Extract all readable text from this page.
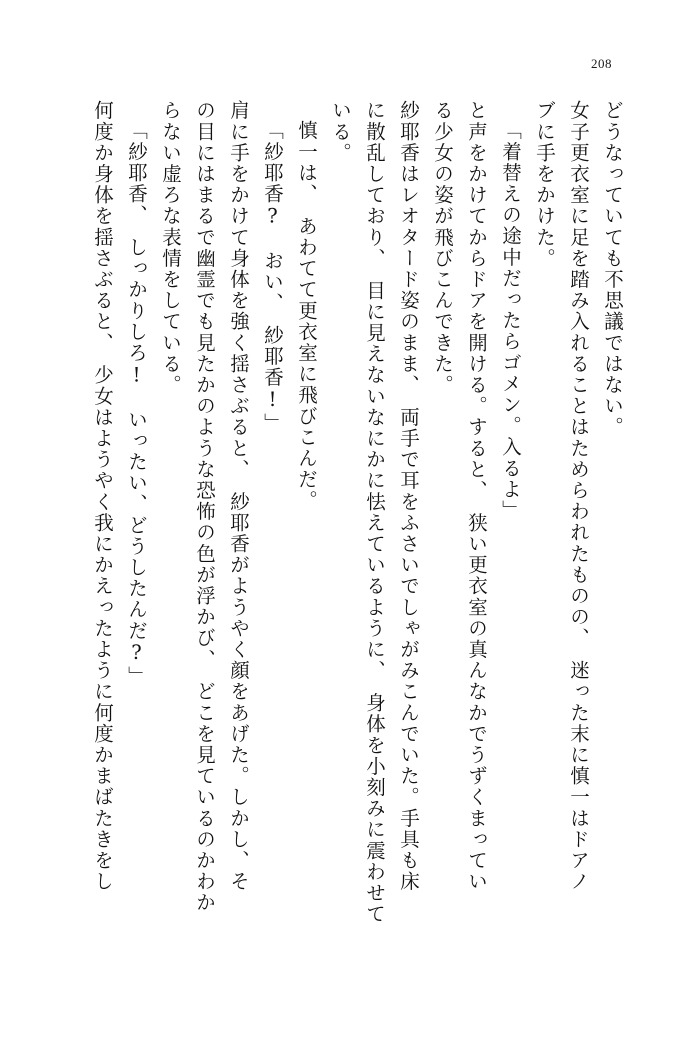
208
どうなっていても不思議ではない。
女子更衣室に足を踏み入れることはためらわれたものの、　迷った末に慎一はドアノ
ブに手をかけた。
「着替えの途中だったらゴメン。入るよ」
と声をかけてからドアを開ける。すると、　狭い更衣室の真んなかでうずくまってい
る少女の姿が飛びこんできた。
紗耶香はレオタード姿のまま、　両手で耳をふさいでしゃがみこんでいた。手具も床
に散乱しており、　目に見えないなにかに怯えているように、　身体を小刻みに震わせて
いる。
慎一は、　あわてて更衣室に飛びこんだ。
「紗耶香?　おい、　紗耶香!」
肩に手をかけて身体を強く揺さぶると、　紗耶香がようやく顔をあげた。しかし、そ
の目にはまるで幽霊でも見たかのような恐怖の色が浮かび、　どこを見ているのかわか
らない虚ろな表情をしている。
「紗耶香、　しっかりしろ!　いったい、どうしたんだ?」
何度か身体を揺さぶると、　少女はようやく我にかえったように何度かまばたきをし
